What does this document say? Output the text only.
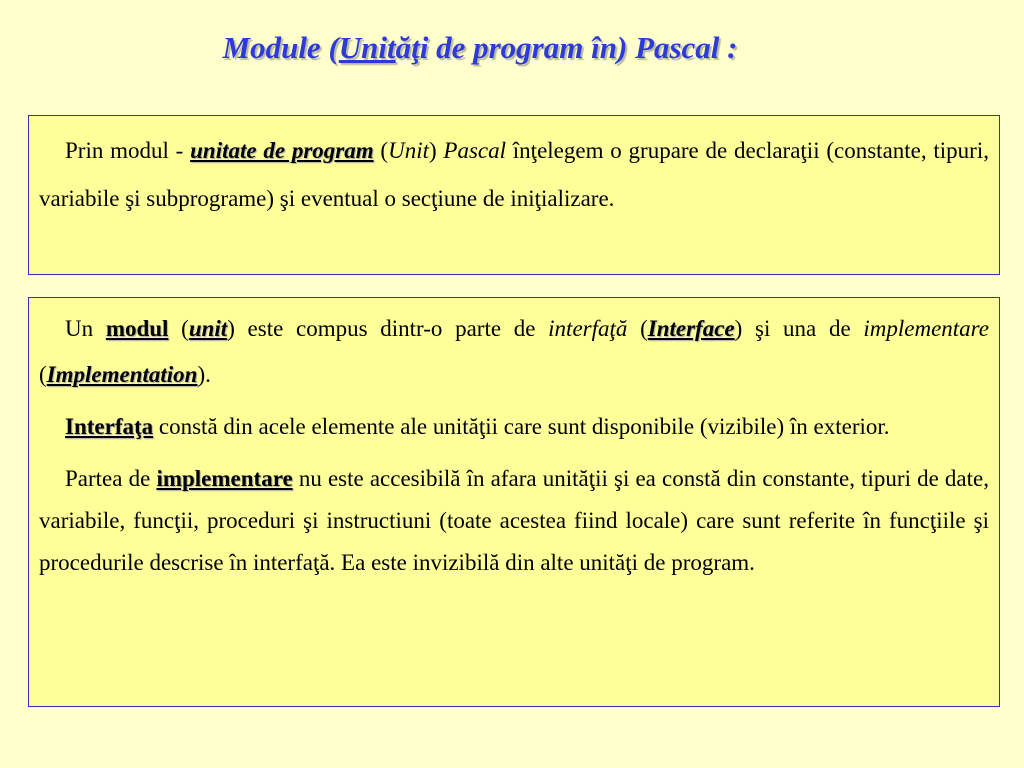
Module (Unităţi de program în) Pascal :

Prin modul - unitate de program (Unit) Pascal înţelegem o grupare de declaraţii (constante, tipuri, variabile şi subprograme) şi eventual o secţiune de iniţializare.

Un modul (unit) este compus dintr-o parte de interfaţă (Interface) şi una de implementare (Implementation).

Interfaţa constă din acele elemente ale unităţii care sunt disponibile (vizibile) în exterior.

Partea de implementare nu este accesibilă în afara unităţii şi ea constă din constante, tipuri de date, variabile, funcţii, proceduri şi instructiuni (toate acestea fiind locale) care sunt referite în funcţiile şi procedurile descrise în interfaţă. Ea este invizibilă din alte unităţi de program.
